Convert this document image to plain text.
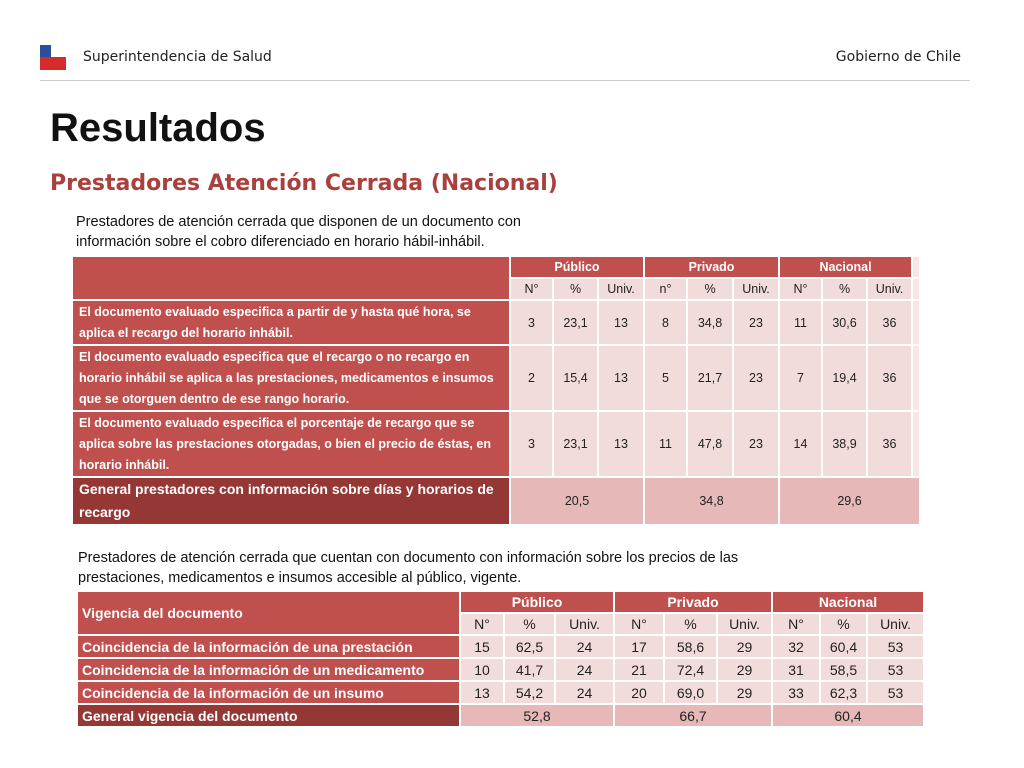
Superintendencia de Salud	Gobierno de Chile
Resultados
Prestadores Atención Cerrada (Nacional)
Prestadores de atención cerrada que disponen de un documento con información sobre el cobro diferenciado en horario hábil-inhábil.
	Público			Privado			Nacional			
	N°	%	Univ.	n°	%	Univ.	N°	%	Univ.	
El documento evaluado especifica a partir de y hasta qué hora, se aplica el recargo del horario inhábil.	3	23,1	13	8	34,8	23	11	30,6	36	
El documento evaluado especifica que el recargo o no recargo en horario inhábil se aplica a las prestaciones, medicamentos e insumos que se otorguen dentro de ese rango horario.	2	15,4	13	5	21,7	23	7	19,4	36	
El documento evaluado especifica el porcentaje de recargo que se aplica sobre las prestaciones otorgadas, o bien el precio de éstas, en horario inhábil.	3	23,1	13	11	47,8	23	14	38,9	36	
General prestadores con información sobre días y horarios de recargo	20,5			34,8			29,6			
Prestadores de atención cerrada que cuentan con documento con información sobre los precios de las prestaciones, medicamentos e insumos accesible al público, vigente.
Vigencia del documento	Público			Privado			Nacional		
	N°	%	Univ.	N°	%	Univ.	N°	%	Univ.
Coincidencia de la información de una prestación	15	62,5	24	17	58,6	29	32	60,4	53
Coincidencia de la información de un medicamento	10	41,7	24	21	72,4	29	31	58,5	53
Coincidencia de la información de un insumo	13	54,2	24	20	69,0	29	33	62,3	53
General vigencia del documento	52,8			66,7			60,4		
